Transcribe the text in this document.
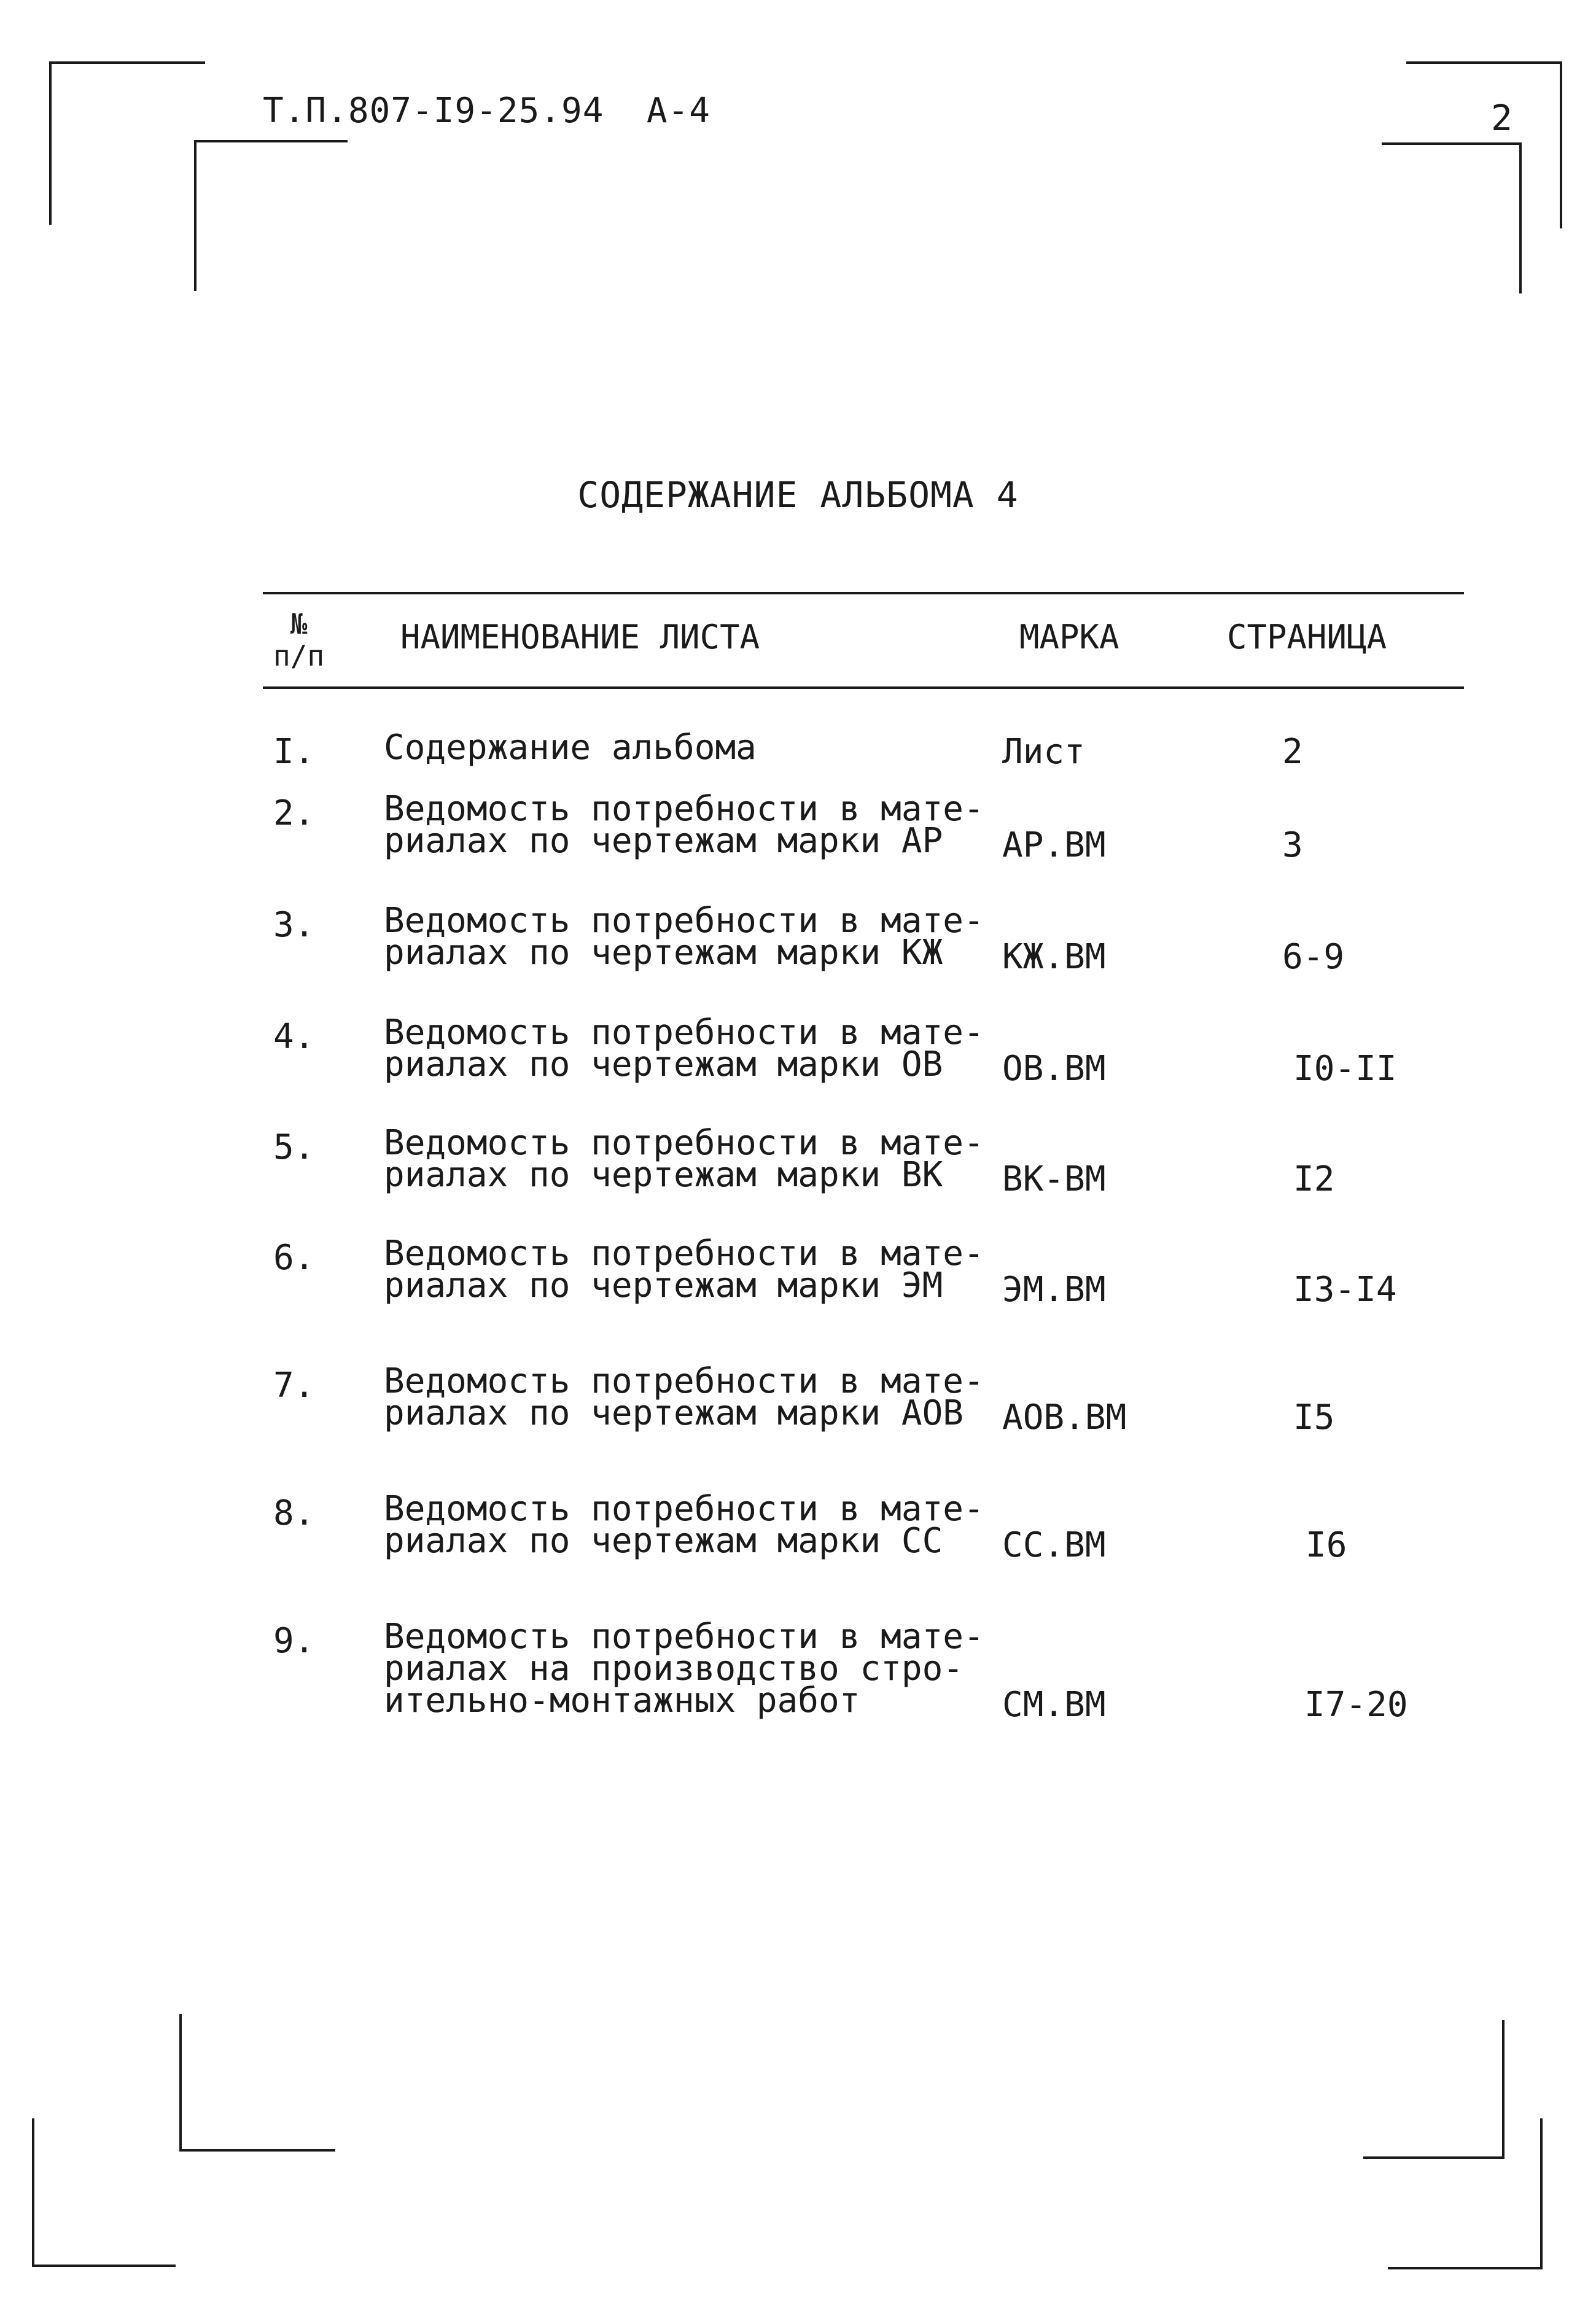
Т.П.807-I9-25.94  А-4	2
СОДЕРЖАНИЕ АЛЬБОМА 4
№
п/п НАИМЕНОВАНИЕ ЛИСТА	МАРКА	СТРАНИЦА
I. Содержание альбома	Лист	2
2. Ведомость потребности в мате-
риалах по чертежам марки АР	АР.ВМ	3
3. Ведомость потребности в мате-
риалах по чертежам марки КЖ	КЖ.ВМ	6-9
4. Ведомость потребности в мате-
риалах по чертежам марки ОВ	ОВ.ВМ	I0-II
5. Ведомость потребности в мате-
риалах по чертежам марки ВК	ВК-ВМ	I2
6. Ведомость потребности в мате-
риалах по чертежам марки ЭМ	ЭМ.ВМ	I3-I4
7. Ведомость потребности в мате-
риалах по чертежам марки АОВ	АОВ.ВМ	I5
8. Ведомость потребности в мате-
риалах по чертежам марки СС	СС.ВМ	I6
9. Ведомость потребности в мате-
риалах на производство стро-
ительно-монтажных работ	СМ.ВМ	I7-20
